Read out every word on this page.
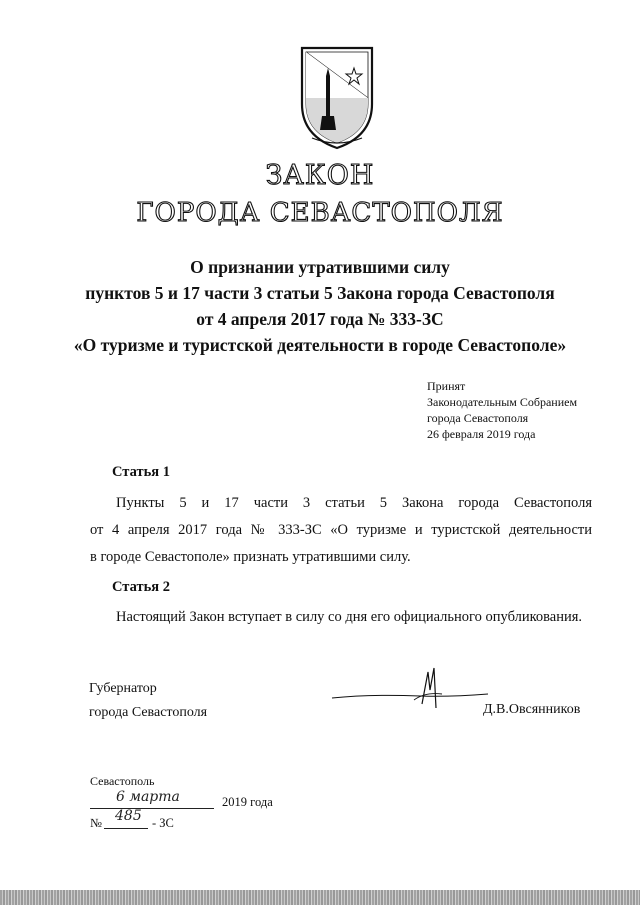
ЗАКОН
ГОРОДА СЕВАСТОПОЛЯ
О признании утратившими силу
пунктов 5 и 17 части 3 статьи 5 Закона города Севастополя
от 4 апреля 2017 года № 333-ЗС
«О туризме и туристской деятельности в городе Севастополе»
Принят
Законодательным Собранием
города Севастополя
26 февраля 2019 года
Статья 1
Пункты 5 и 17 части 3 статьи 5 Закона города Севастополя
от 4 апреля 2017 года № 333-ЗС «О туризме и туристской деятельности
в городе Севастополе» признать утратившими силу.
Статья 2
Настоящий Закон вступает в силу со дня его официального опубликования.
Губернатор
города Севастополя	Д.В.Овсянников
Севастополь
6 марта	2019 года
№ 485 - ЗС
